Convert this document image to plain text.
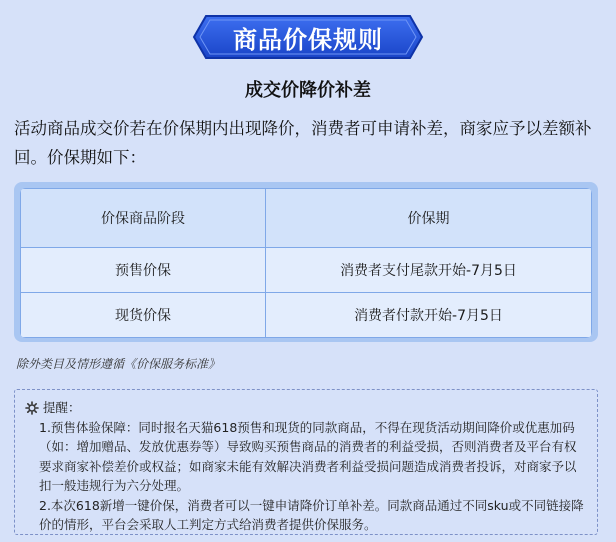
商品价保规则
成交价降价补差
活动商品成交价若在价保期内出现降价，消费者可申请补差，商家应予以差额补回。价保期如下：
价保商品阶段	价保期
预售价保	消费者支付尾款开始-7月5日
现货价保	消费者付款开始-7月5日
除外类目及情形遵循《价保服务标准》
提醒：
1.预售体验保障：同时报名天猫618预售和现货的同款商品，不得在现货活动期间降价或优惠加码（如：增加赠品、发放优惠券等）导致购买预售商品的消费者的利益受损，否则消费者及平台有权要求商家补偿差价或权益；如商家未能有效解决消费者利益受损问题造成消费者投诉，对商家予以扣一般违规行为六分处理。
2.本次618新增一键价保，消费者可以一键申请降价订单补差。同款商品通过不同sku或不同链接降价的情形，平台会采取人工判定方式给消费者提供价保服务。
